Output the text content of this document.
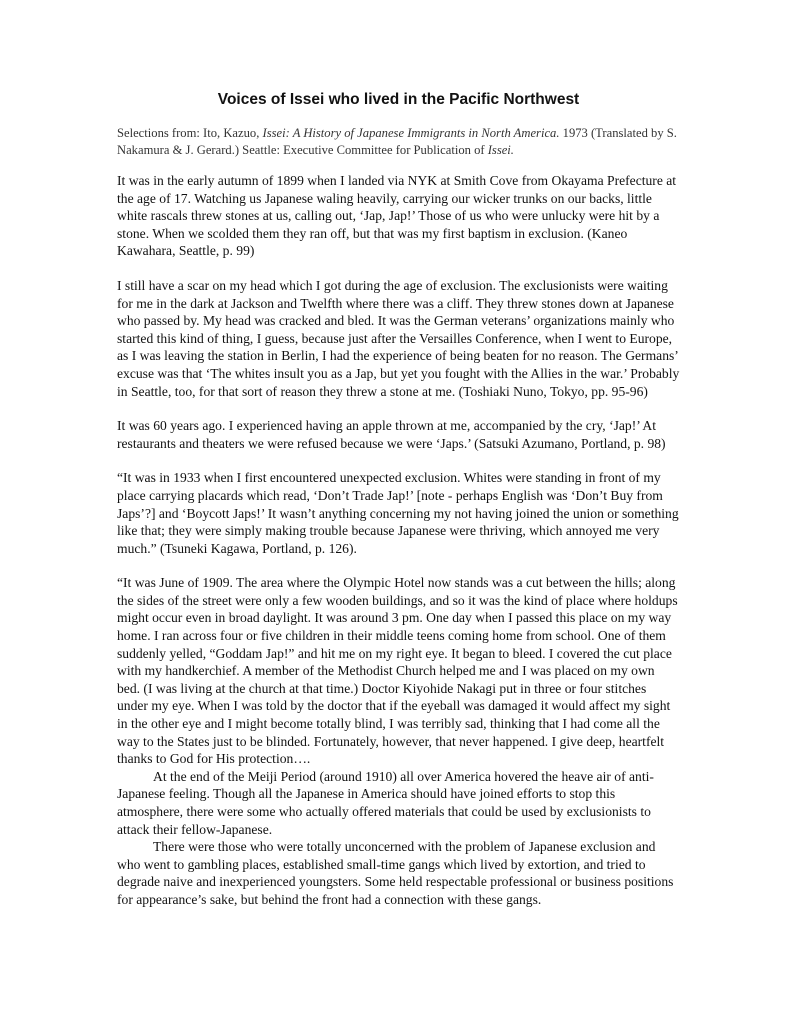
Voices of Issei who lived in the Pacific Northwest

Selections from: Ito, Kazuo, Issei: A History of Japanese Immigrants in North America. 1973 (Translated by S. Nakamura & J. Gerard.) Seattle: Executive Committee for Publication of Issei.

It was in the early autumn of 1899 when I landed via NYK at Smith Cove from Okayama Prefecture at the age of 17. Watching us Japanese waling heavily, carrying our wicker trunks on our backs, little white rascals threw stones at us, calling out, ‘Jap, Jap!’ Those of us who were unlucky were hit by a stone. When we scolded them they ran off, but that was my first baptism in exclusion. (Kaneo Kawahara, Seattle, p. 99)

I still have a scar on my head which I got during the age of exclusion. The exclusionists were waiting for me in the dark at Jackson and Twelfth where there was a cliff. They threw stones down at Japanese who passed by. My head was cracked and bled. It was the German veterans’ organizations mainly who started this kind of thing, I guess, because just after the Versailles Conference, when I went to Europe, as I was leaving the station in Berlin, I had the experience of being beaten for no reason. The Germans’ excuse was that ‘The whites insult you as a Jap, but yet you fought with the Allies in the war.’ Probably in Seattle, too, for that sort of reason they threw a stone at me. (Toshiaki Nuno, Tokyo, pp. 95-96)

It was 60 years ago. I experienced having an apple thrown at me, accompanied by the cry, ‘Jap!’ At restaurants and theaters we were refused because we were ‘Japs.’ (Satsuki Azumano, Portland, p. 98)

“It was in 1933 when I first encountered unexpected exclusion. Whites were standing in front of my place carrying placards which read, ‘Don’t Trade Jap!’ [note - perhaps English was ‘Don’t Buy from Japs’?] and ‘Boycott Japs!’ It wasn’t anything concerning my not having joined the union or something like that; they were simply making trouble because Japanese were thriving, which annoyed me very much.” (Tsuneki Kagawa, Portland, p. 126).

“It was June of 1909. The area where the Olympic Hotel now stands was a cut between the hills; along the sides of the street were only a few wooden buildings, and so it was the kind of place where holdups might occur even in broad daylight. It was around 3 pm. One day when I passed this place on my way home. I ran across four or five children in their middle teens coming home from school. One of them suddenly yelled, “Goddam Jap!” and hit me on my right eye. It began to bleed. I covered the cut place with my handkerchief. A member of the Methodist Church helped me and I was placed on my own bed. (I was living at the church at that time.) Doctor Kiyohide Nakagi put in three or four stitches under my eye. When I was told by the doctor that if the eyeball was damaged it would affect my sight in the other eye and I might become totally blind, I was terribly sad, thinking that I had come all the way to the States just to be blinded. Fortunately, however, that never happened. I give deep, heartfelt thanks to God for His protection….

At the end of the Meiji Period (around 1910) all over America hovered the heave air of anti-Japanese feeling. Though all the Japanese in America should have joined efforts to stop this atmosphere, there were some who actually offered materials that could be used by exclusionists to attack their fellow-Japanese.

There were those who were totally unconcerned with the problem of Japanese exclusion and who went to gambling places, established small-time gangs which lived by extortion, and tried to degrade naive and inexperienced youngsters. Some held respectable professional or business positions for appearance’s sake, but behind the front had a connection with these gangs.
